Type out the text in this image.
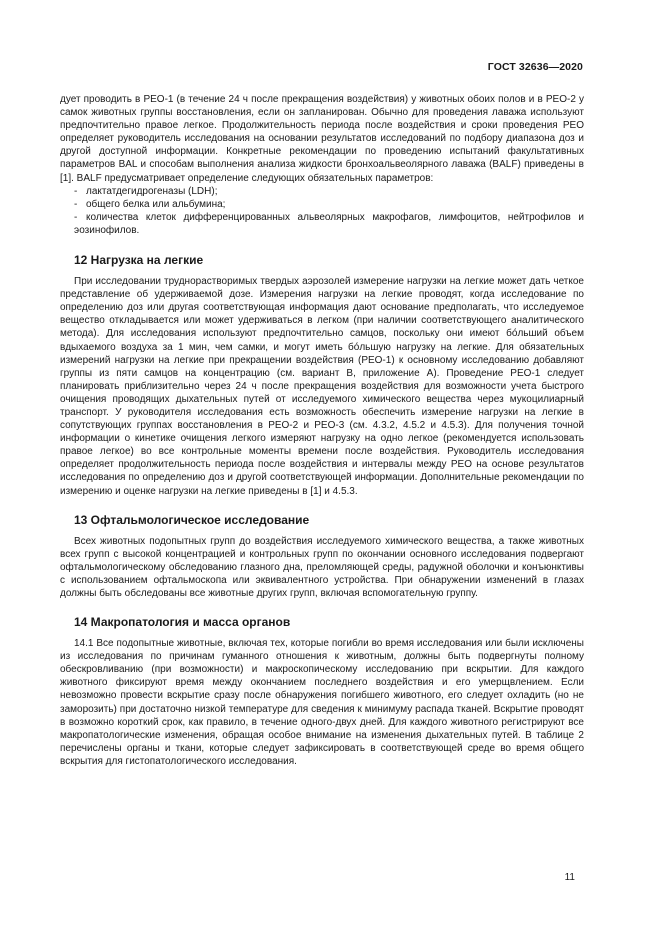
ГОСТ 32636—2020

дует проводить в РЕО-1 (в течение 24 ч после прекращения воздействия) у животных обоих полов и в РЕО-2 у самок животных группы восстановления, если он запланирован. Обычно для проведения лаважа используют предпочтительно правое легкое. Продолжительность периода после воздействия и сроки проведения РЕО определяет руководитель исследования на основании результатов исследований по подбору диапазона доз и другой доступной информации. Конкретные рекомендации по проведению испытаний факультативных параметров BAL и способам выполнения анализа жидкости бронхоальвеолярного лаважа (BALF) приведены в [1]. BALF предусматривает определение следующих обязательных параметров:

- лактатдегидрогеназы (LDH);
- общего белка или альбумина;
- количества клеток дифференцированных альвеолярных макрофагов, лимфоцитов, нейтрофилов и эозинофилов.
12 Нагрузка на легкие

При исследовании труднорастворимых твердых аэрозолей измерение нагрузки на легкие может дать четкое представление об удерживаемой дозе. Измерения нагрузки на легкие проводят, когда исследование по определению доз или другая соответствующая информация дают основание предполагать, что исследуемое вещество откладывается или может удерживаться в легком (при наличии соответствующего аналитического метода). Для исследования используют предпочтительно самцов, поскольку они имеют бо́льший объем вдыхаемого воздуха за 1 мин, чем самки, и могут иметь бо́льшую нагрузку на легкие. Для обязательных измерений нагрузки на легкие при прекращении воздействия (РЕО-1) к основному исследованию добавляют группы из пяти самцов на концентрацию (см. вариант В, приложение А). Проведение РЕО-1 следует планировать приблизительно через 24 ч после прекращения воздействия для возможности учета быстрого очищения проводящих дыхательных путей от исследуемого химического вещества через мукоцилиарный транспорт. У руководителя исследования есть возможность обеспечить измерение нагрузки на легкие в сопутствующих группах восстановления в РЕО-2 и РЕО-3 (см. 4.3.2, 4.5.2 и 4.5.3). Для получения точной информации о кинетике очищения легкого измеряют нагрузку на одно легкое (рекомендуется использовать правое легкое) во все контрольные моменты времени после воздействия. Руководитель исследования определяет продолжительность периода после воздействия и интервалы между РЕО на основе результатов исследования по определению доз и другой соответствующей информации. Дополнительные рекомендации по измерению и оценке нагрузки на легкие приведены в [1] и 4.5.3.

13 Офтальмологическое исследование

Всех животных подопытных групп до воздействия исследуемого химического вещества, а также животных всех групп с высокой концентрацией и контрольных групп по окончании основного исследования подвергают офтальмологическому обследованию глазного дна, преломляющей среды, радужной оболочки и конъюнктивы с использованием офтальмоскопа или эквивалентного устройства. При обнаружении изменений в глазах должны быть обследованы все животные других групп, включая вспомогательную группу.

14 Макропатология и масса органов

14.1 Все подопытные животные, включая тех, которые погибли во время исследования или были исключены из исследования по причинам гуманного отношения к животным, должны быть подвергнуты полному обескровливанию (при возможности) и макроскопическому исследованию при вскрытии. Для каждого животного фиксируют время между окончанием последнего воздействия и его умерщвлением. Если невозможно провести вскрытие сразу после обнаружения погибшего животного, его следует охладить (но не заморозить) при достаточно низкой температуре для сведения к минимуму распада тканей. Вскрытие проводят в возможно короткий срок, как правило, в течение одного-двух дней. Для каждого животного регистрируют все макропатологические изменения, обращая особое внимание на изменения дыхательных путей. В таблице 2 перечислены органы и ткани, которые следует зафиксировать в соответствующей среде во время общего вскрытия для гистопатологического исследования.

11
